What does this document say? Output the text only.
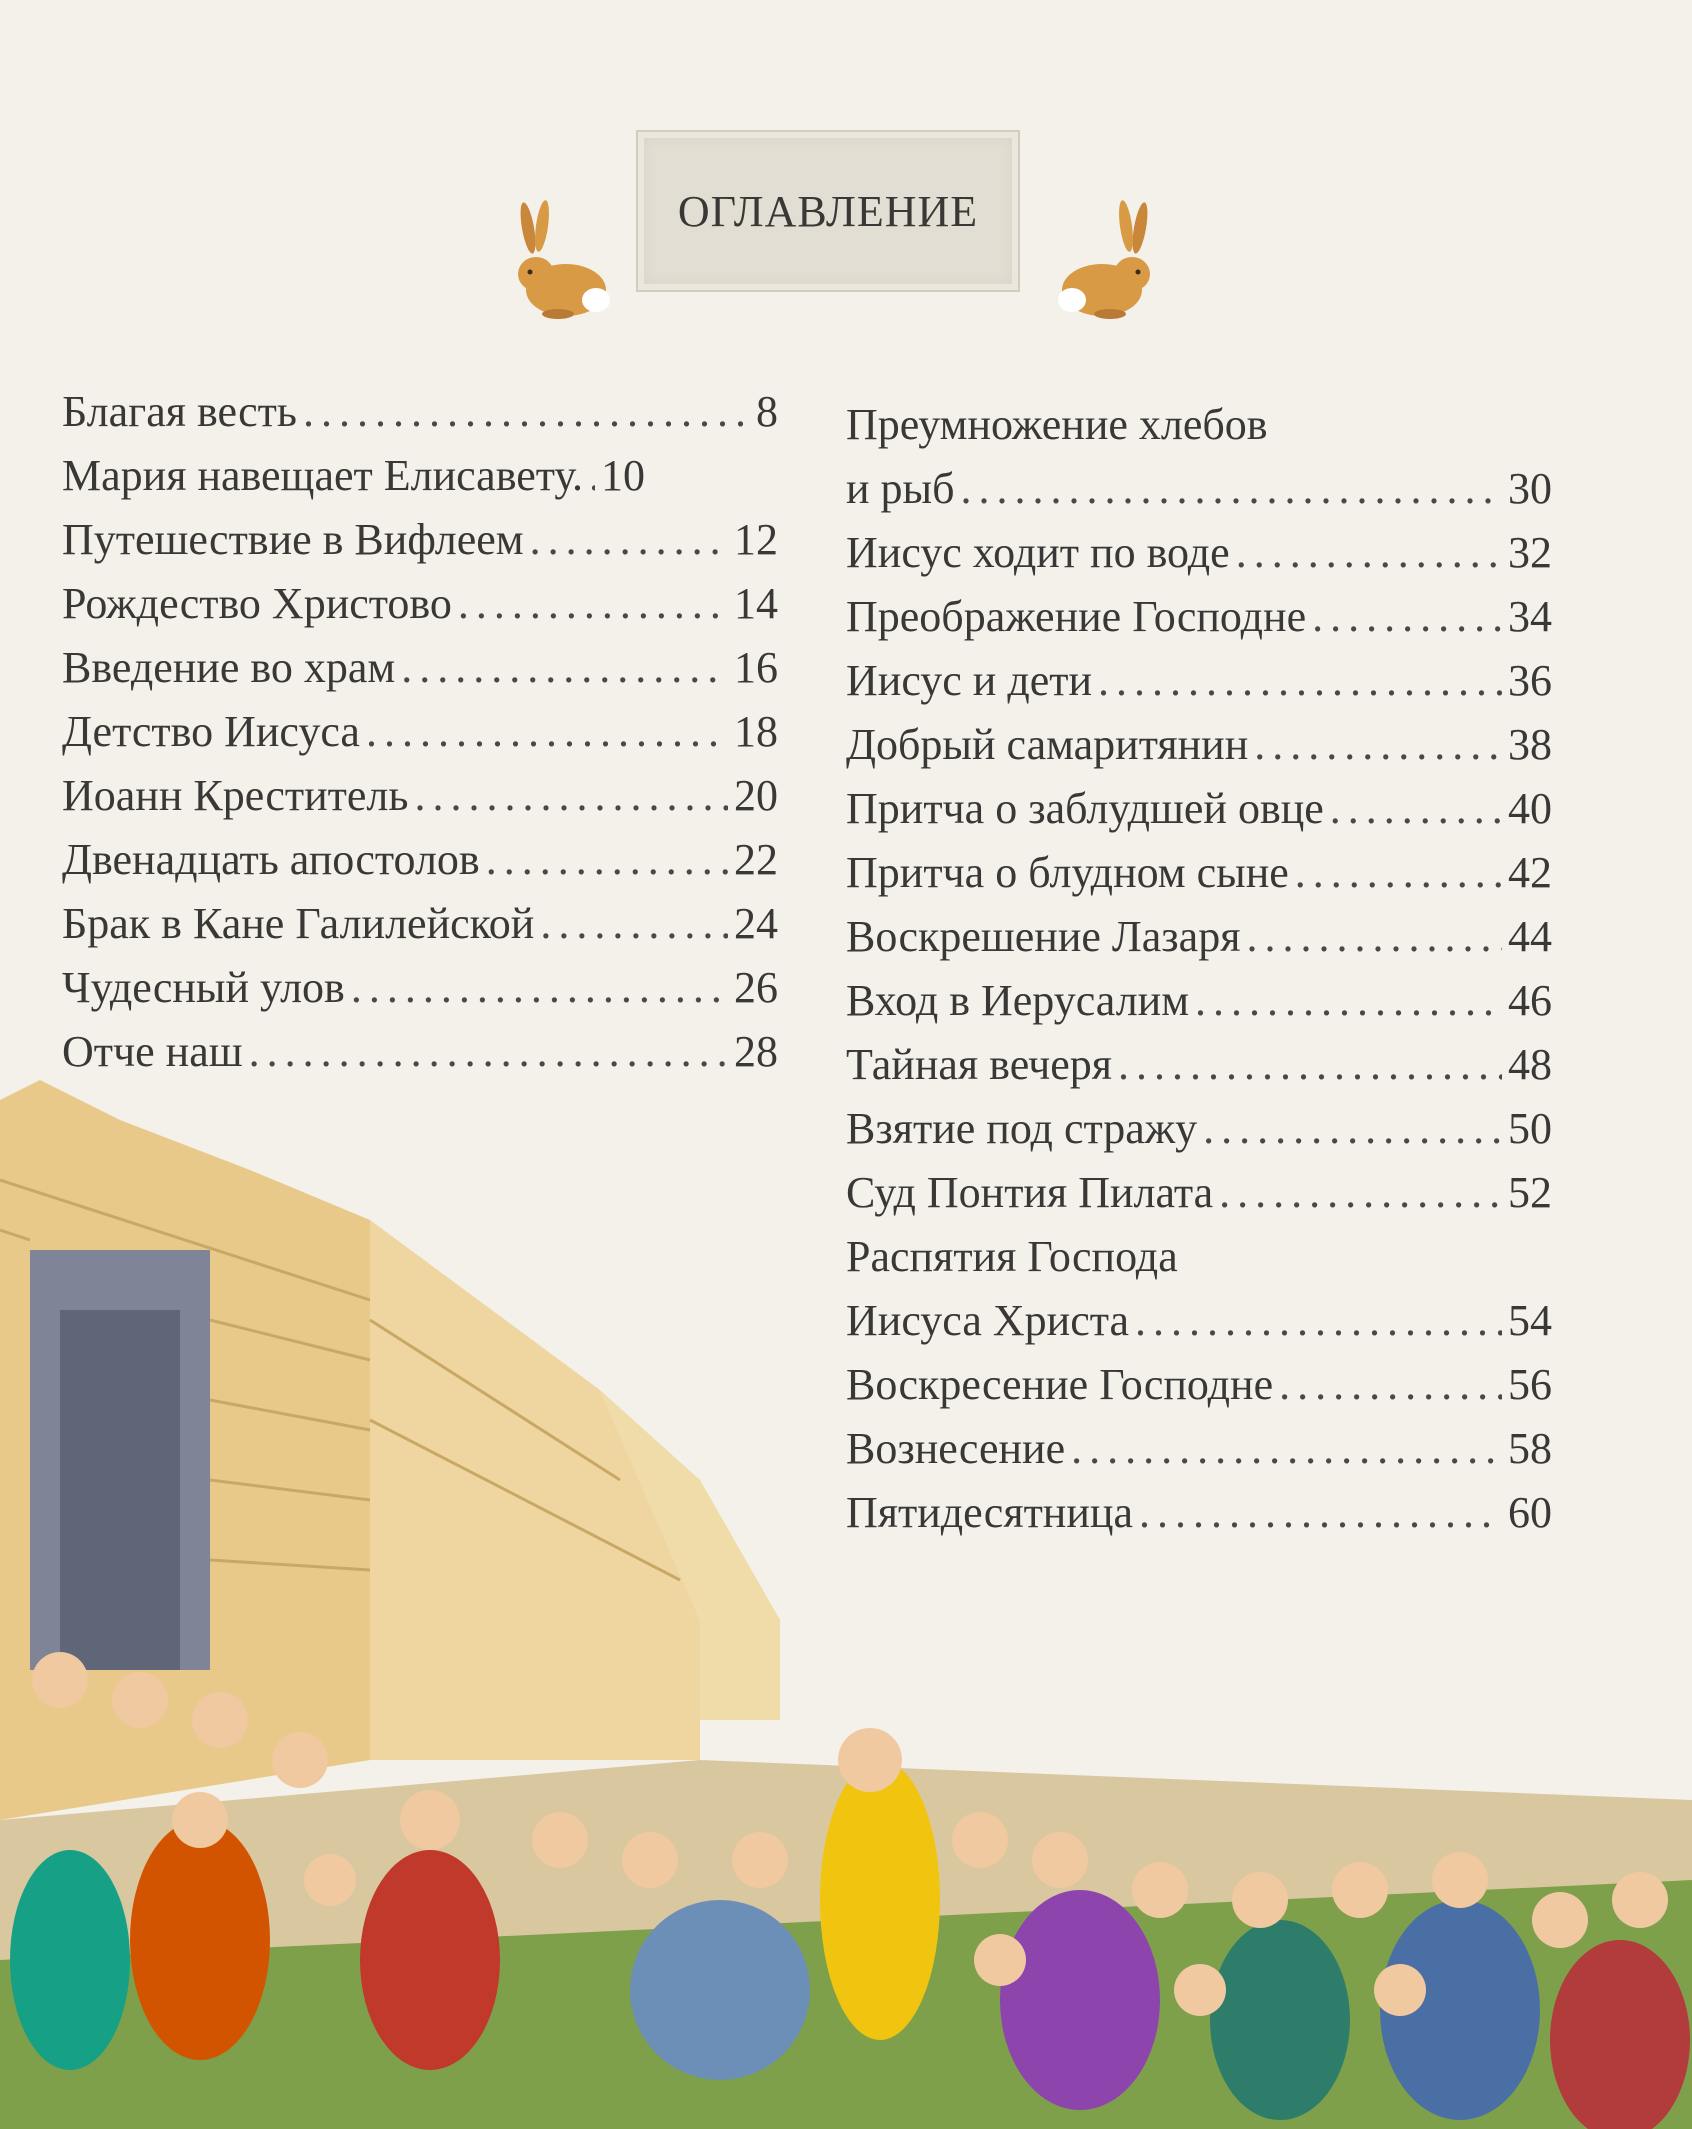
ОГЛАВЛЕНИЕ
Благая весть . . .	8
Мария навещает Елисавету. . . . 10
Путешествие в Вифлеем . . .	12
Рождество Христово . . .	14
Введение во храм . . .	16
Детство Иисуса . . .	18
Иоанн Креститель . . .	20
Двенадцать апостолов . . .	22
Брак в Кане Галилейской . . .	24
Чудесный улов . . .	26
Отче наш . . .	28
Преумножение хлебов
и рыб . . .	30
Иисус ходит по воде . . .	32
Преображение Господне . . .	34
Иисус и дети . . .	36
Добрый самаритянин . . .	38
Притча о заблудшей овце . . .	40
Притча о блудном сыне . . .	42
Воскрешение Лазаря . . .	44
Вход в Иерусалим . . .	46
Тайная вечеря . . .	48
Взятие под стражу . . .	50
Суд Понтия Пилата . . .	52
Распятия Господа
Иисуса Христа . . .	54
Воскресение Господне . . .	56
Вознесение . . .	58
Пятидесятница . . .	60
